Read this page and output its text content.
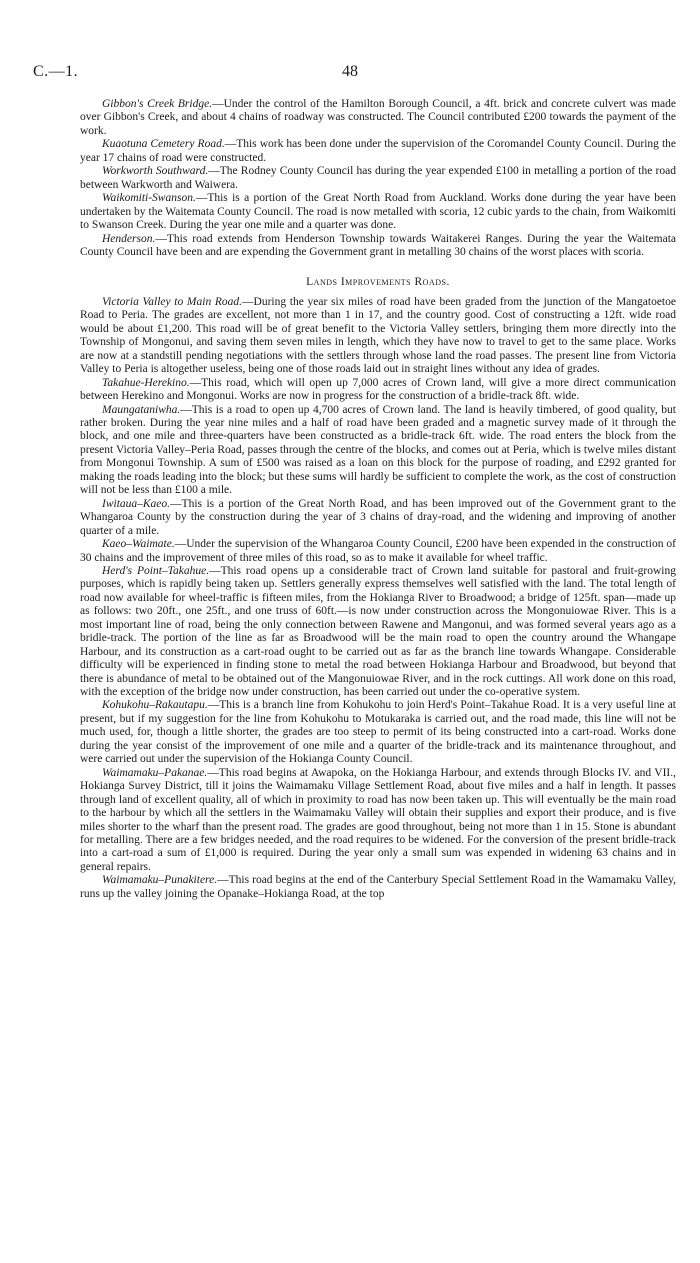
C.—1.	48

Gibbon's Creek Bridge.—Under the control of the Hamilton Borough Council, a 4ft. brick and concrete culvert was made over Gibbon's Creek, and about 4 chains of roadway was constructed. The Council contributed £200 towards the payment of the work.

Kuaotuna Cemetery Road.—This work has been done under the supervision of the Coromandel County Council. During the year 17 chains of road were constructed.

Workworth Southward.—The Rodney County Council has during the year expended £100 in metalling a portion of the road between Warkworth and Waiwera.

Waikomiti-Swanson.—This is a portion of the Great North Road from Auckland. Works done during the year have been undertaken by the Waitemata County Council. The road is now metalled with scoria, 12 cubic yards to the chain, from Waikomiti to Swanson Creek. During the year one mile and a quarter was done.

Henderson.—This road extends from Henderson Township towards Waitakerei Ranges. During the year the Waitemata County Council have been and are expending the Government grant in metalling 30 chains of the worst places with scoria.

Lands Improvements Roads.

Victoria Valley to Main Road.—During the year six miles of road have been graded from the junction of the Mangatoetoe Road to Peria. The grades are excellent, not more than 1 in 17, and the country good. Cost of constructing a 12ft. wide road would be about £1,200. This road will be of great benefit to the Victoria Valley settlers, bringing them more directly into the Township of Mongonui, and saving them seven miles in length, which they have now to travel to get to the same place. Works are now at a standstill pending negotiations with the settlers through whose land the road passes. The present line from Victoria Valley to Peria is altogether useless, being one of those roads laid out in straight lines without any idea of grades.

Takahue-Herekino.—This road, which will open up 7,000 acres of Crown land, will give a more direct communication between Herekino and Mongonui. Works are now in progress for the construction of a bridle-track 8ft. wide.

Maungataniwha.—This is a road to open up 4,700 acres of Crown land. The land is heavily timbered, of good quality, but rather broken. During the year nine miles and a half of road have been graded and a magnetic survey made of it through the block, and one mile and three-quarters have been constructed as a bridle-track 6ft. wide. The road enters the block from the present Victoria Valley–Peria Road, passes through the centre of the blocks, and comes out at Peria, which is twelve miles distant from Mongonui Township. A sum of £500 was raised as a loan on this block for the purpose of roading, and £292 granted for making the roads leading into the block; but these sums will hardly be sufficient to complete the work, as the cost of construction will not be less than £100 a mile.

Iwitaua–Kaeo.—This is a portion of the Great North Road, and has been improved out of the Government grant to the Whangaroa County by the construction during the year of 3 chains of dray-road, and the widening and improving of another quarter of a mile.

Kaeo–Waimate.—Under the supervision of the Whangaroa County Council, £200 have been expended in the construction of 30 chains and the improvement of three miles of this road, so as to make it available for wheel traffic.

Herd's Point–Takahue.—This road opens up a considerable tract of Crown land suitable for pastoral and fruit-growing purposes, which is rapidly being taken up. Settlers generally express themselves well satisfied with the land. The total length of road now available for wheel-traffic is fifteen miles, from the Hokianga River to Broadwood; a bridge of 125ft. span—made up as follows: two 20ft., one 25ft., and one truss of 60ft.—is now under construction across the Mongonuiowae River. This is a most important line of road, being the only connection between Rawene and Mangonui, and was formed several years ago as a bridle-track. The portion of the line as far as Broadwood will be the main road to open the country around the Whangape Harbour, and its construction as a cart-road ought to be carried out as far as the branch line towards Whangape. Considerable difficulty will be experienced in finding stone to metal the road between Hokianga Harbour and Broadwood, but beyond that there is abundance of metal to be obtained out of the Mangonuiowae River, and in the rock cuttings. All work done on this road, with the exception of the bridge now under construction, has been carried out under the co-operative system.

Kohukohu–Rakautapu.—This is a branch line from Kohukohu to join Herd's Point–Takahue Road. It is a very useful line at present, but if my suggestion for the line from Kohukohu to Motukaraka is carried out, and the road made, this line will not be much used, for, though a little shorter, the grades are too steep to permit of its being constructed into a cart-road. Works done during the year consist of the improvement of one mile and a quarter of the bridle-track and its maintenance throughout, and were carried out under the supervision of the Hokianga County Council.

Waimamaku–Pakanae.—This road begins at Awapoka, on the Hokianga Harbour, and extends through Blocks IV. and VII., Hokianga Survey District, till it joins the Waimamaku Village Settlement Road, about five miles and a half in length. It passes through land of excellent quality, all of which in proximity to road has now been taken up. This will eventually be the main road to the harbour by which all the settlers in the Waimamaku Valley will obtain their supplies and export their produce, and is five miles shorter to the wharf than the present road. The grades are good throughout, being not more than 1 in 15. Stone is abundant for metalling. There are a few bridges needed, and the road requires to be widened. For the conversion of the present bridle-track into a cart-road a sum of £1,000 is required. During the year only a small sum was expended in widening 63 chains and in general repairs.

Waimamaku–Punakitere.—This road begins at the end of the Canterbury Special Settlement Road in the Wamamaku Valley, runs up the valley joining the Opanake–Hokianga Road, at the top
